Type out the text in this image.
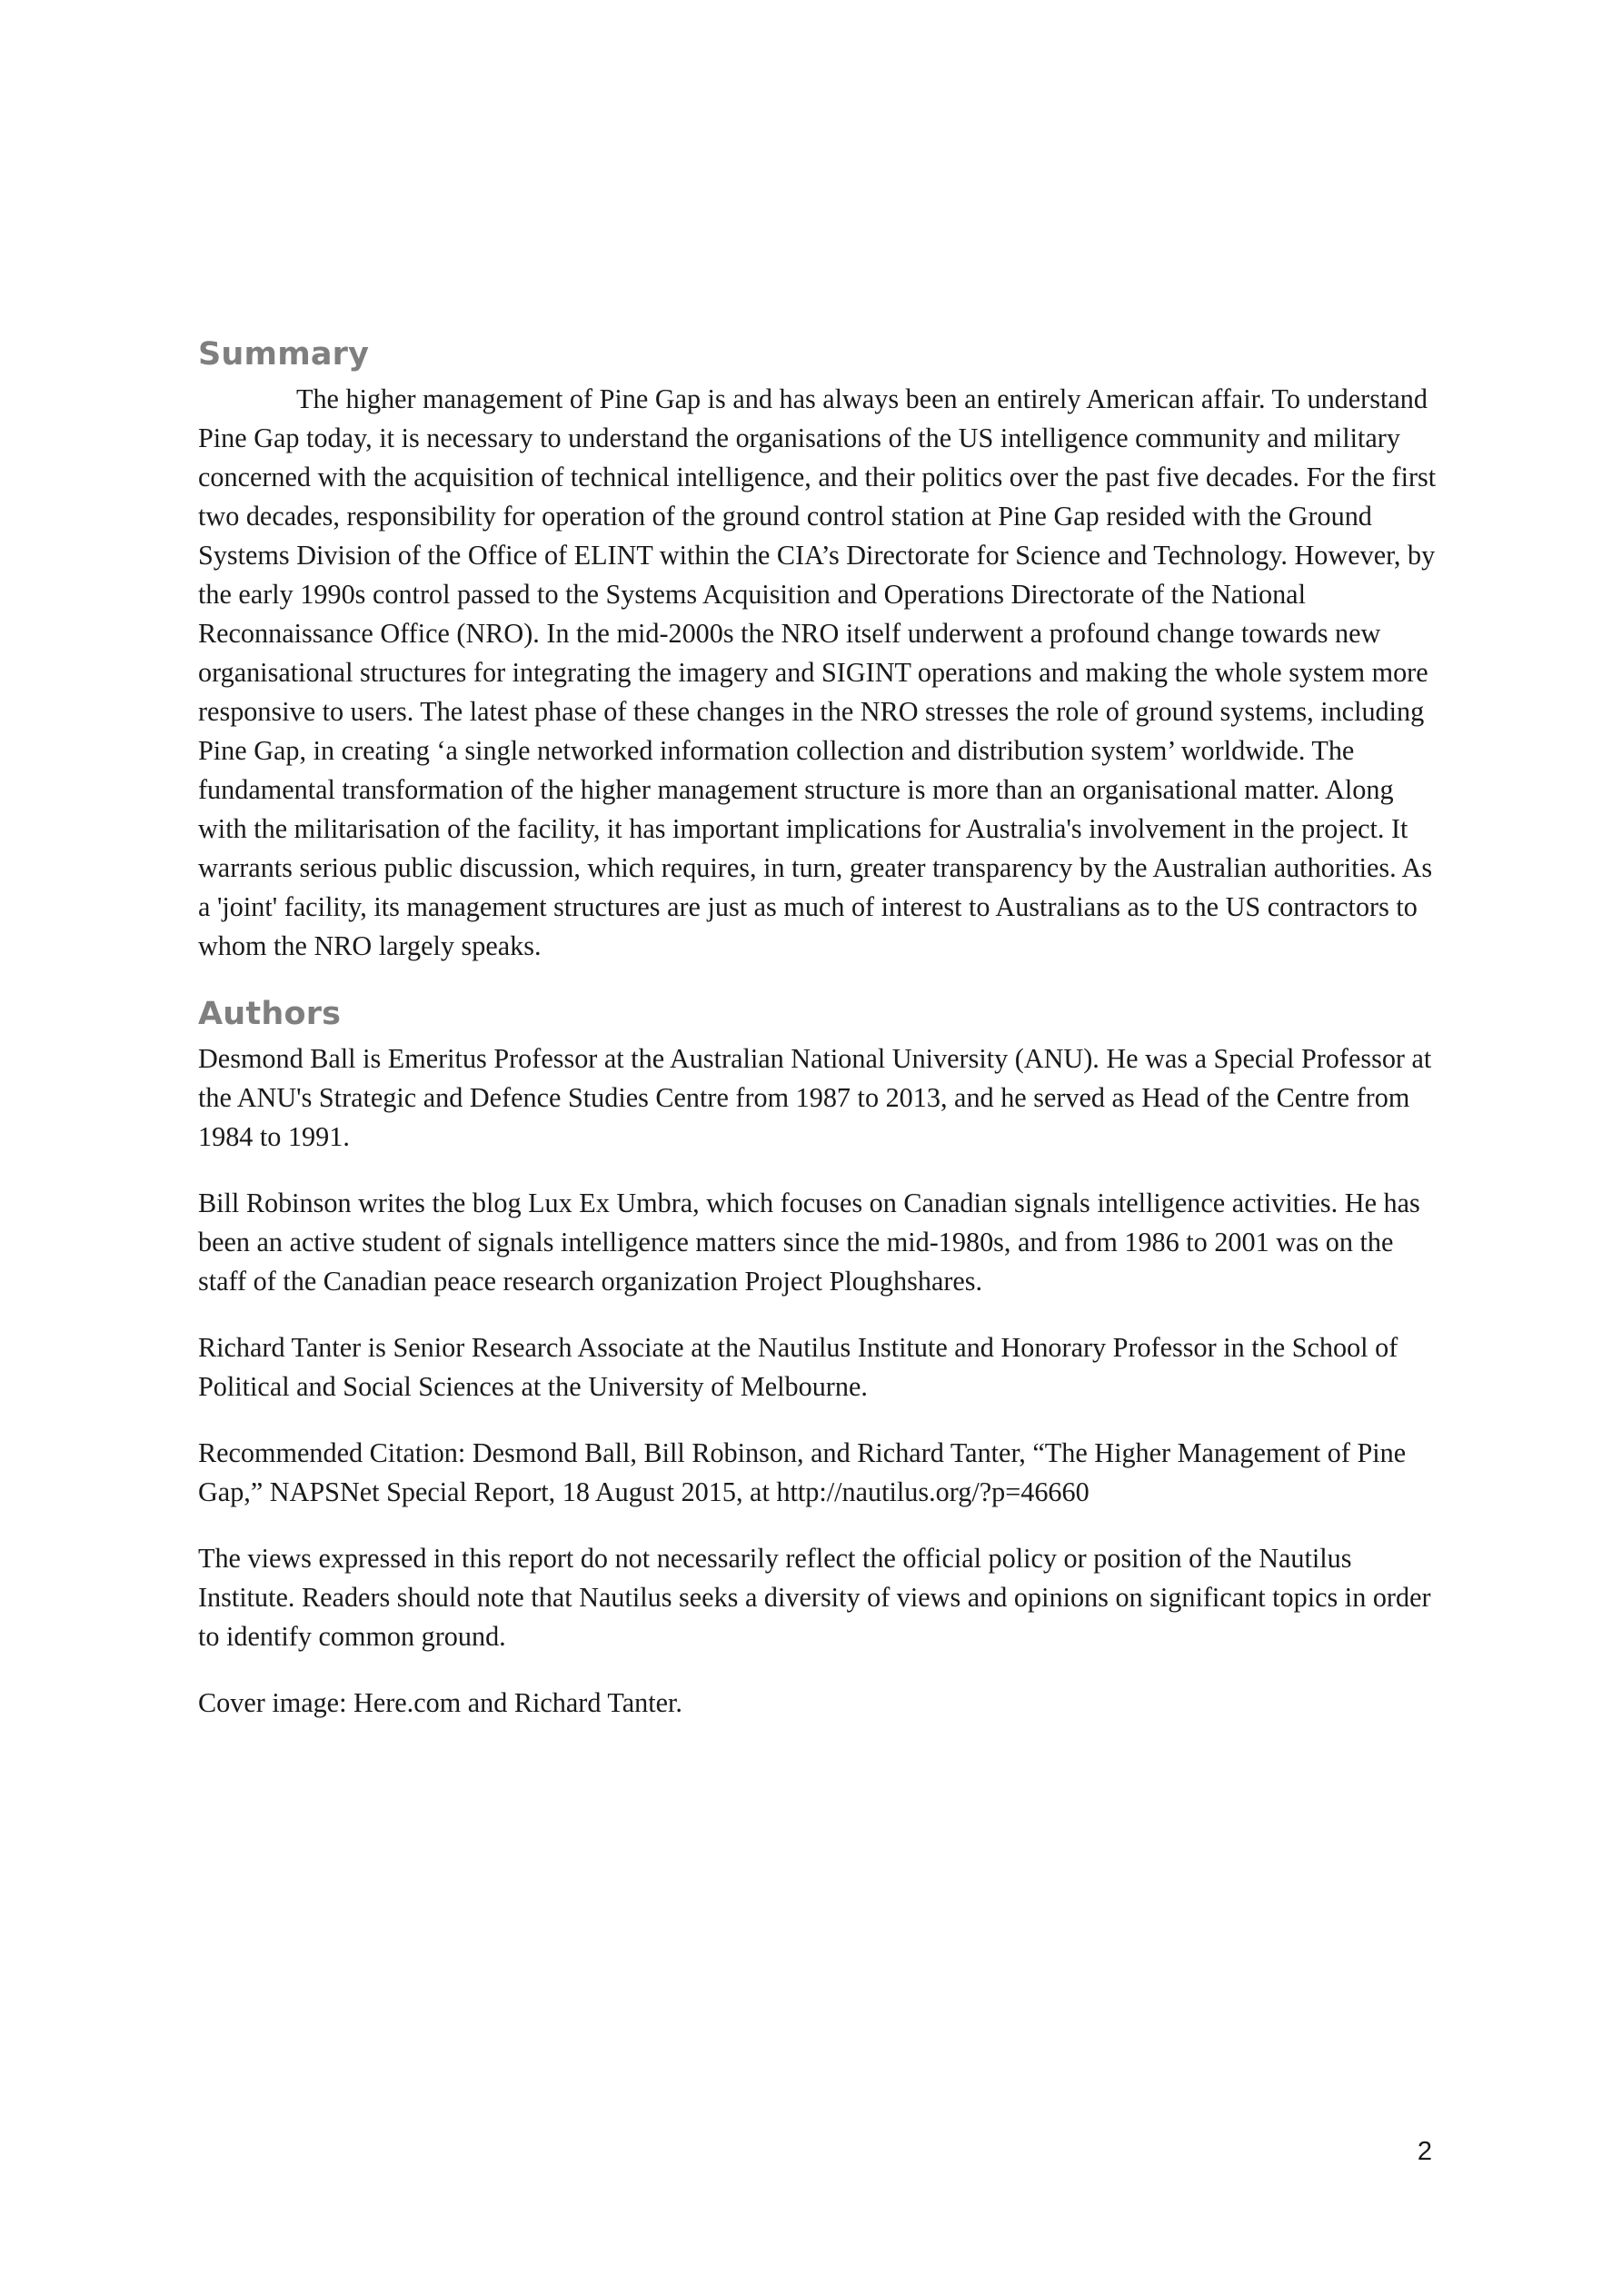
Summary

The higher management of Pine Gap is and has always been an entirely American affair. To understand Pine Gap today, it is necessary to understand the organisations of the US intelligence community and military concerned with the acquisition of technical intelligence, and their politics over the past five decades. For the first two decades, responsibility for operation of the ground control station at Pine Gap resided with the Ground Systems Division of the Office of ELINT within the CIA’s Directorate for Science and Technology. However, by the early 1990s control passed to the Systems Acquisition and Operations Directorate of the National Reconnaissance Office (NRO). In the mid-2000s the NRO itself underwent a profound change towards new organisational structures for integrating the imagery and SIGINT operations and making the whole system more responsive to users. The latest phase of these changes in the NRO stresses the role of ground systems, including Pine Gap, in creating ‘a single networked information collection and distribution system’ worldwide. The fundamental transformation of the higher management structure is more than an organisational matter. Along with the militarisation of the facility, it has important implications for Australia's involvement in the project. It warrants serious public discussion, which requires, in turn, greater transparency by the Australian authorities. As a 'joint' facility, its management structures are just as much of interest to Australians as to the US contractors to whom the NRO largely speaks.

Authors

Desmond Ball is Emeritus Professor at the Australian National University (ANU). He was a Special Professor at the ANU's Strategic and Defence Studies Centre from 1987 to 2013, and he served as Head of the Centre from 1984 to 1991.

Bill Robinson writes the blog Lux Ex Umbra, which focuses on Canadian signals intelligence activities. He has been an active student of signals intelligence matters since the mid-1980s, and from 1986 to 2001 was on the staff of the Canadian peace research organization Project Ploughshares.

Richard Tanter is Senior Research Associate at the Nautilus Institute and Honorary Professor in the School of Political and Social Sciences at the University of Melbourne.

Recommended Citation: Desmond Ball, Bill Robinson, and Richard Tanter, “The Higher Management of Pine Gap,” NAPSNet Special Report, 18 August 2015, at http://nautilus.org/?p=46660

The views expressed in this report do not necessarily reflect the official policy or position of the Nautilus Institute. Readers should note that Nautilus seeks a diversity of views and opinions on significant topics in order to identify common ground.

Cover image: Here.com and Richard Tanter.

2
